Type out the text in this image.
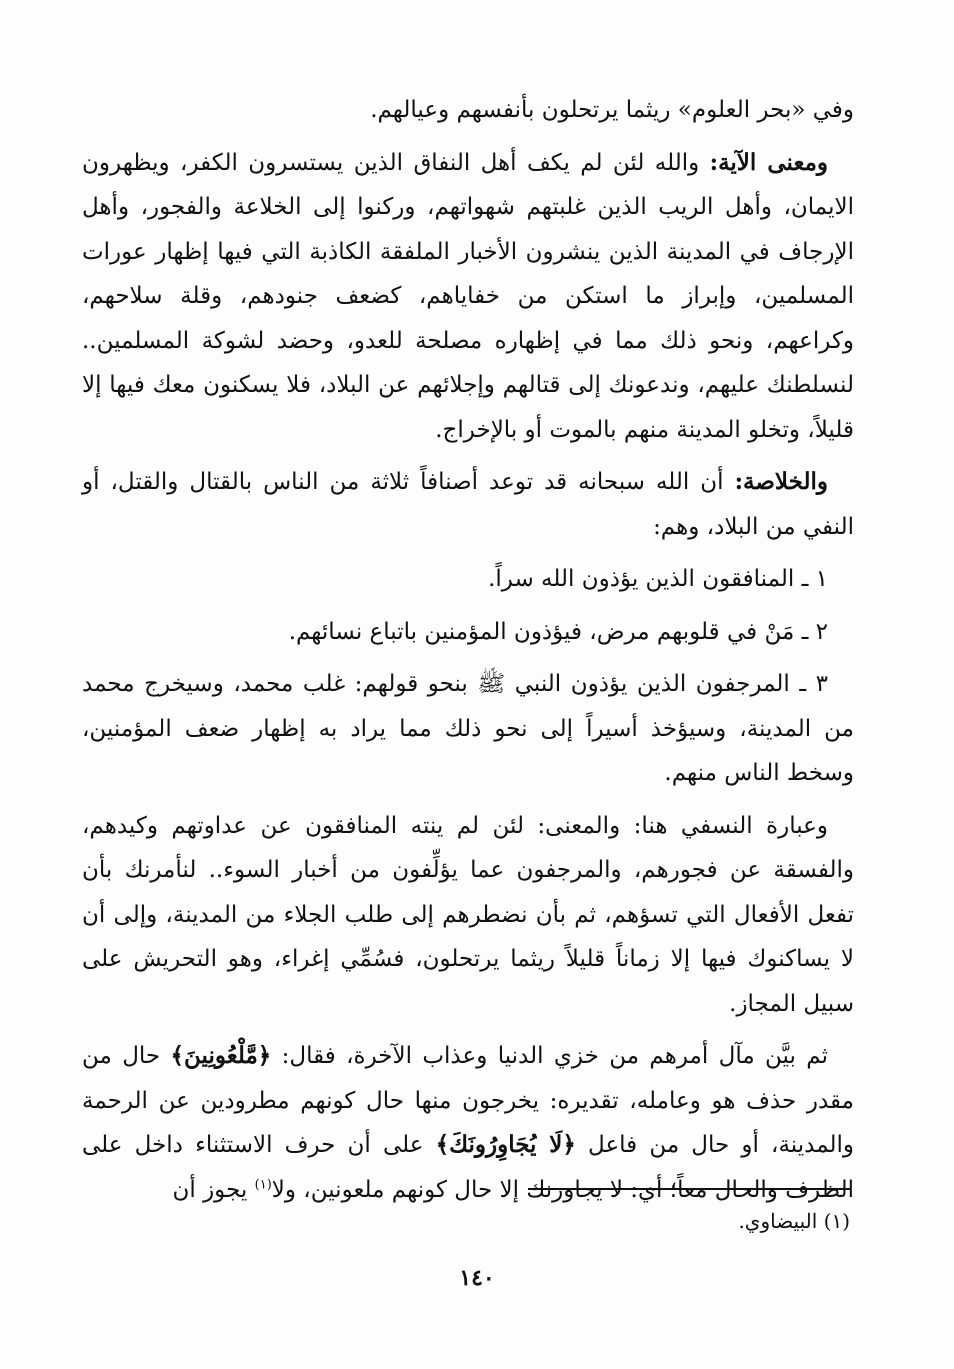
وفي «بحر العلوم» ريثما يرتحلون بأنفسهم وعيالهم.

ومعنى الآية: والله لئن لم يكف أهل النفاق الذين يستسرون الكفر، ويظهرون الايمان، وأهل الريب الذين غلبتهم شهواتهم، وركنوا إلى الخلاعة والفجور، وأهل الإرجاف في المدينة الذين ينشرون الأخبار الملفقة الكاذبة التي فيها إظهار عورات المسلمين، وإبراز ما استكن من خفاياهم، كضعف جنودهم، وقلة سلاحهم، وكراعهم، ونحو ذلك مما في إظهاره مصلحة للعدو، وحضد لشوكة المسلمين.. لنسلطنك عليهم، وندعونك إلى قتالهم وإجلائهم عن البلاد، فلا يسكنون معك فيها إلا قليلاً، وتخلو المدينة منهم بالموت أو بالإخراج.

والخلاصة: أن الله سبحانه قد توعد أصنافاً ثلاثة من الناس بالقتال والقتل، أو النفي من البلاد، وهم:

١ ـ المنافقون الذين يؤذون الله سراً.

٢ ـ مَنْ في قلوبهم مرض، فيؤذون المؤمنين باتباع نسائهم.

٣ ـ المرجفون الذين يؤذون النبي ﷺ بنحو قولهم: غلب محمد، وسيخرج محمد من المدينة، وسيؤخذ أسيراً إلى نحو ذلك مما يراد به إظهار ضعف المؤمنين، وسخط الناس منهم.

وعبارة النسفي هنا: والمعنى: لئن لم ينته المنافقون عن عداوتهم وكيدهم، والفسقة عن فجورهم، والمرجفون عما يؤلِّفون من أخبار السوء.. لنأمرنك بأن تفعل الأفعال التي تسؤهم، ثم بأن نضطرهم إلى طلب الجلاء من المدينة، وإلى أن لا يساكنوك فيها إلا زماناً قليلاً ريثما يرتحلون، فسُمِّي إغراء، وهو التحريش على سبيل المجاز.

ثم بيَّن مآل أمرهم من خزي الدنيا وعذاب الآخرة، فقال: ﴿مَّلْعُونِينَ﴾ حال من مقدر حذف هو وعامله، تقديره: يخرجون منها حال كونهم مطرودين عن الرحمة والمدينة، أو حال من فاعل ﴿لَا يُجَاوِرُونَكَ﴾ على أن حرف الاستثناء داخل على الظرف والحال معاً؛ أي: لا يجاورنك إلا حال كونهم ملعونين، ولا$^{(١)}$ يجوز أن

(١) البيضاوي.
١٤٠
